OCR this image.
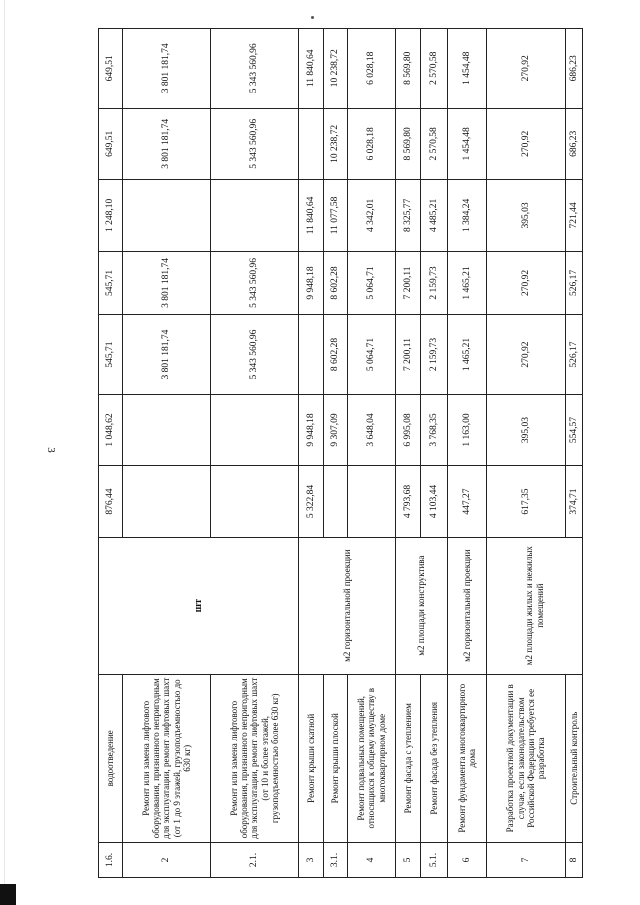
3
1.6.	водоотведение	шт	876,44	1 048,62	545,71	545,71	1 248,10	649,51	649,51
2	Ремонт или замена лифтового оборудования, признанного непригодным для эксплуатации, ремонт лифтовых шахт (от 1 до 9 этажей, грузоподъемностью до 630 кг)				3 801 181,74	3 801 181,74		3 801 181,74	3 801 181,74
2.1.	Ремонт или замена лифтового оборудования, признанного непригодным для эксплуатации, ремонт лифтовых шахт (от 10 и более этажей, грузоподъемностью более 630 кг)				5 343 560,96	5 343 560,96		5 343 560,96	5 343 560,96
3	Ремонт крыши скатной	м2 горизонтальной проекции	5 322,84	9 948,18		9 948,18	11 840,64		11 840,64
3.1.	Ремонт крыши плоской			9 307,09	8 602,28	8 602,28	11 077,58	10 238,72	10 238,72
4	Ремонт подвальных помещений, относящихся к общему имуществу в многоквартирном доме			3 648,04	5 064,71	5 064,71	4 342,01	6 028,18	6 028,18
5	Ремонт фасада с утеплением	м2 площади конструктива	4 793,68	6 995,08	7 200,11	7 200,11	8 325,77	8 569,80	8 569,80
5.1.	Ремонт фасада без утепления		4 103,44	3 768,35	2 159,73	2 159,73	4 485,21	2 570,58	2 570,58
6	Ремонт фундамента многоквартирного дома	м2 горизонтальной проекции	447,27	1 163,00	1 465,21	1 465,21	1 384,24	1 454,48	1 454,48
7	Разработка проектной документации в случае, если законодательством Российской Федерации требуется ее разработка	м2 площади жилых и нежилых помещений	617,35	395,03	270,92	270,92	395,03	270,92	270,92
8	Строительный контроль		374,71	554,57	526,17	526,17	721,44	686,23	686,23
